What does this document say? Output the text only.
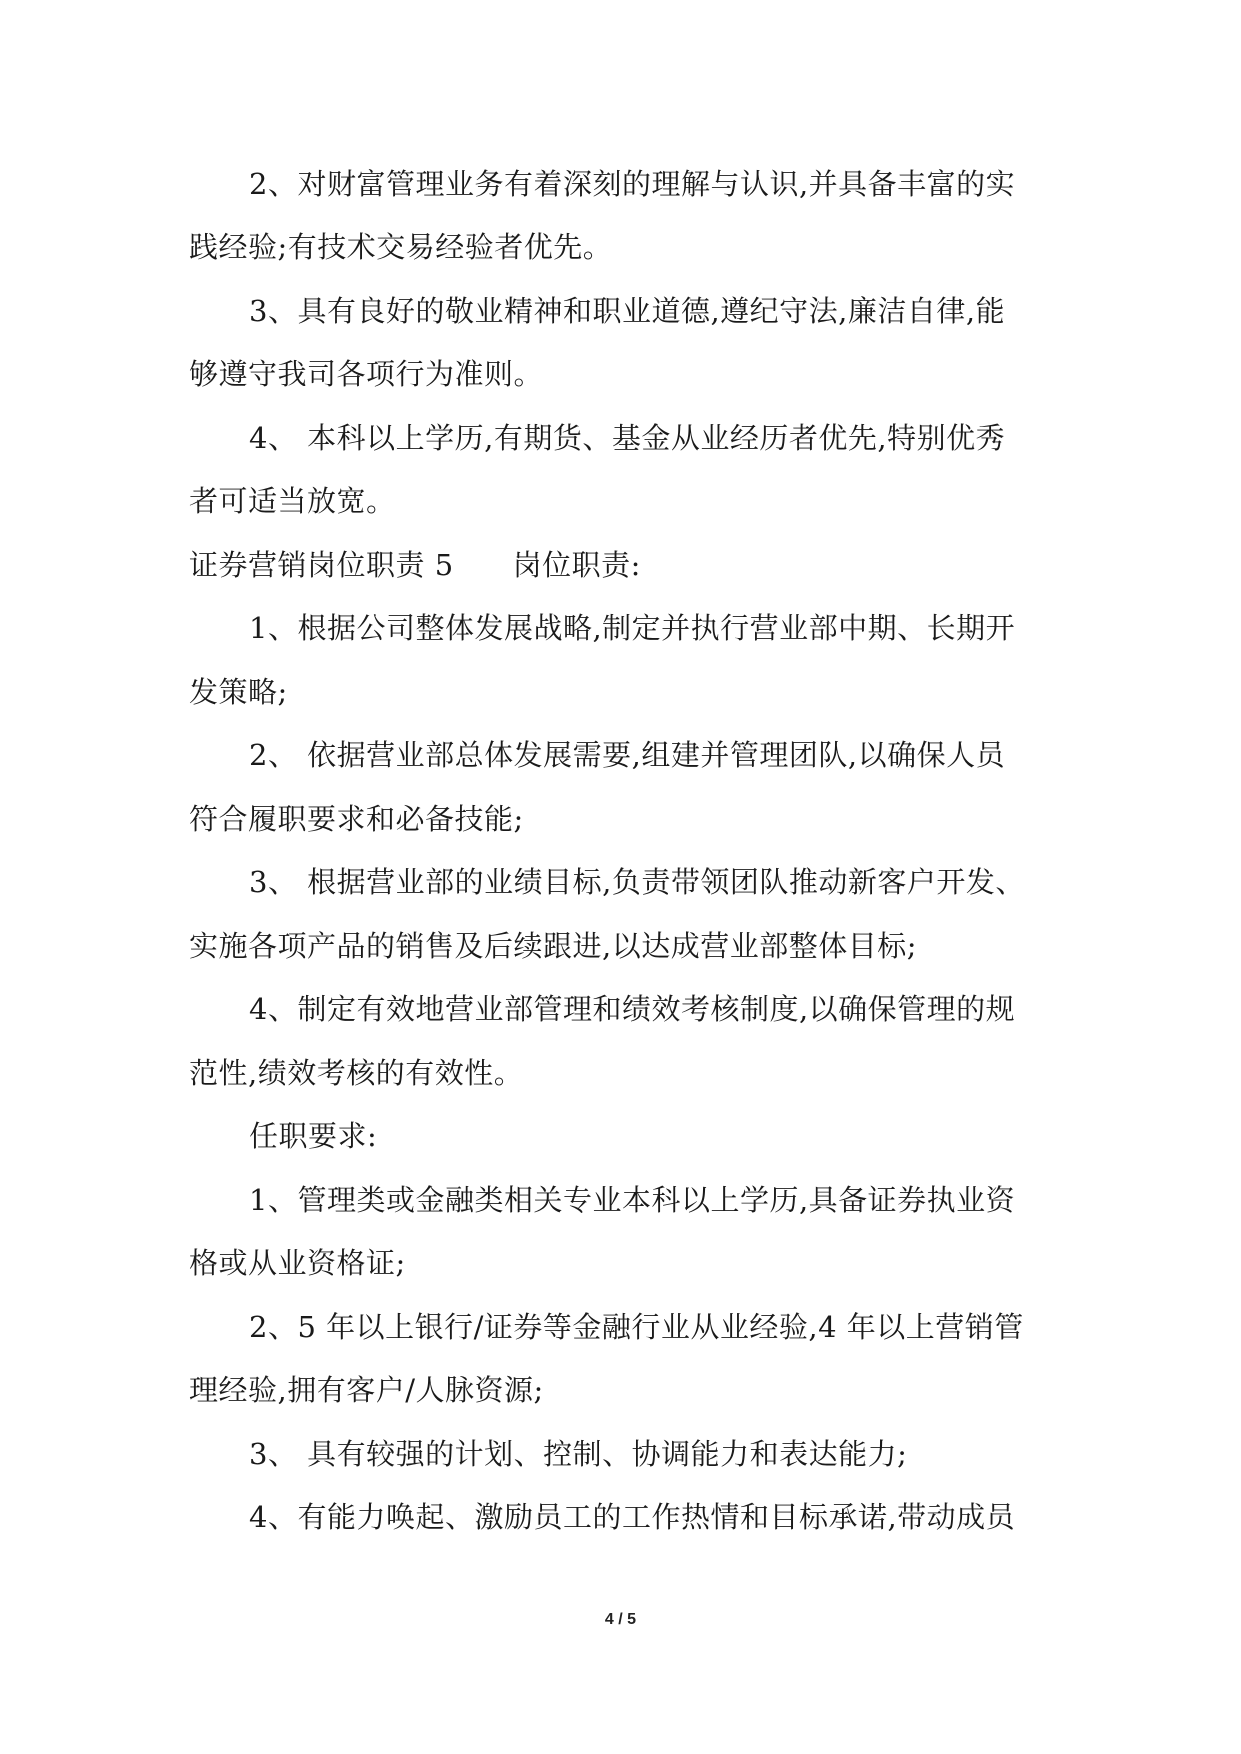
2、对财富管理业务有着深刻的理解与认识,并具备丰富的实
践经验;有技术交易经验者优先。
3、具有良好的敬业精神和职业道德,遵纪守法,廉洁自律,能
够遵守我司各项行为准则。
4、 本科以上学历,有期货、基金从业经历者优先,特别优秀
者可适当放宽。
证券营销岗位职责 5　　岗位职责:
1、根据公司整体发展战略,制定并执行营业部中期、长期开
发策略;
2、 依据营业部总体发展需要,组建并管理团队,以确保人员
符合履职要求和必备技能;
3、 根据营业部的业绩目标,负责带领团队推动新客户开发、
实施各项产品的销售及后续跟进,以达成营业部整体目标;
4、制定有效地营业部管理和绩效考核制度,以确保管理的规
范性,绩效考核的有效性。
任职要求:
1、管理类或金融类相关专业本科以上学历,具备证券执业资
格或从业资格证;
2、5 年以上银行/证券等金融行业从业经验,4 年以上营销管
理经验,拥有客户/人脉资源;
3、 具有较强的计划、控制、协调能力和表达能力;
4、有能力唤起、激励员工的工作热情和目标承诺,带动成员
4 / 5
